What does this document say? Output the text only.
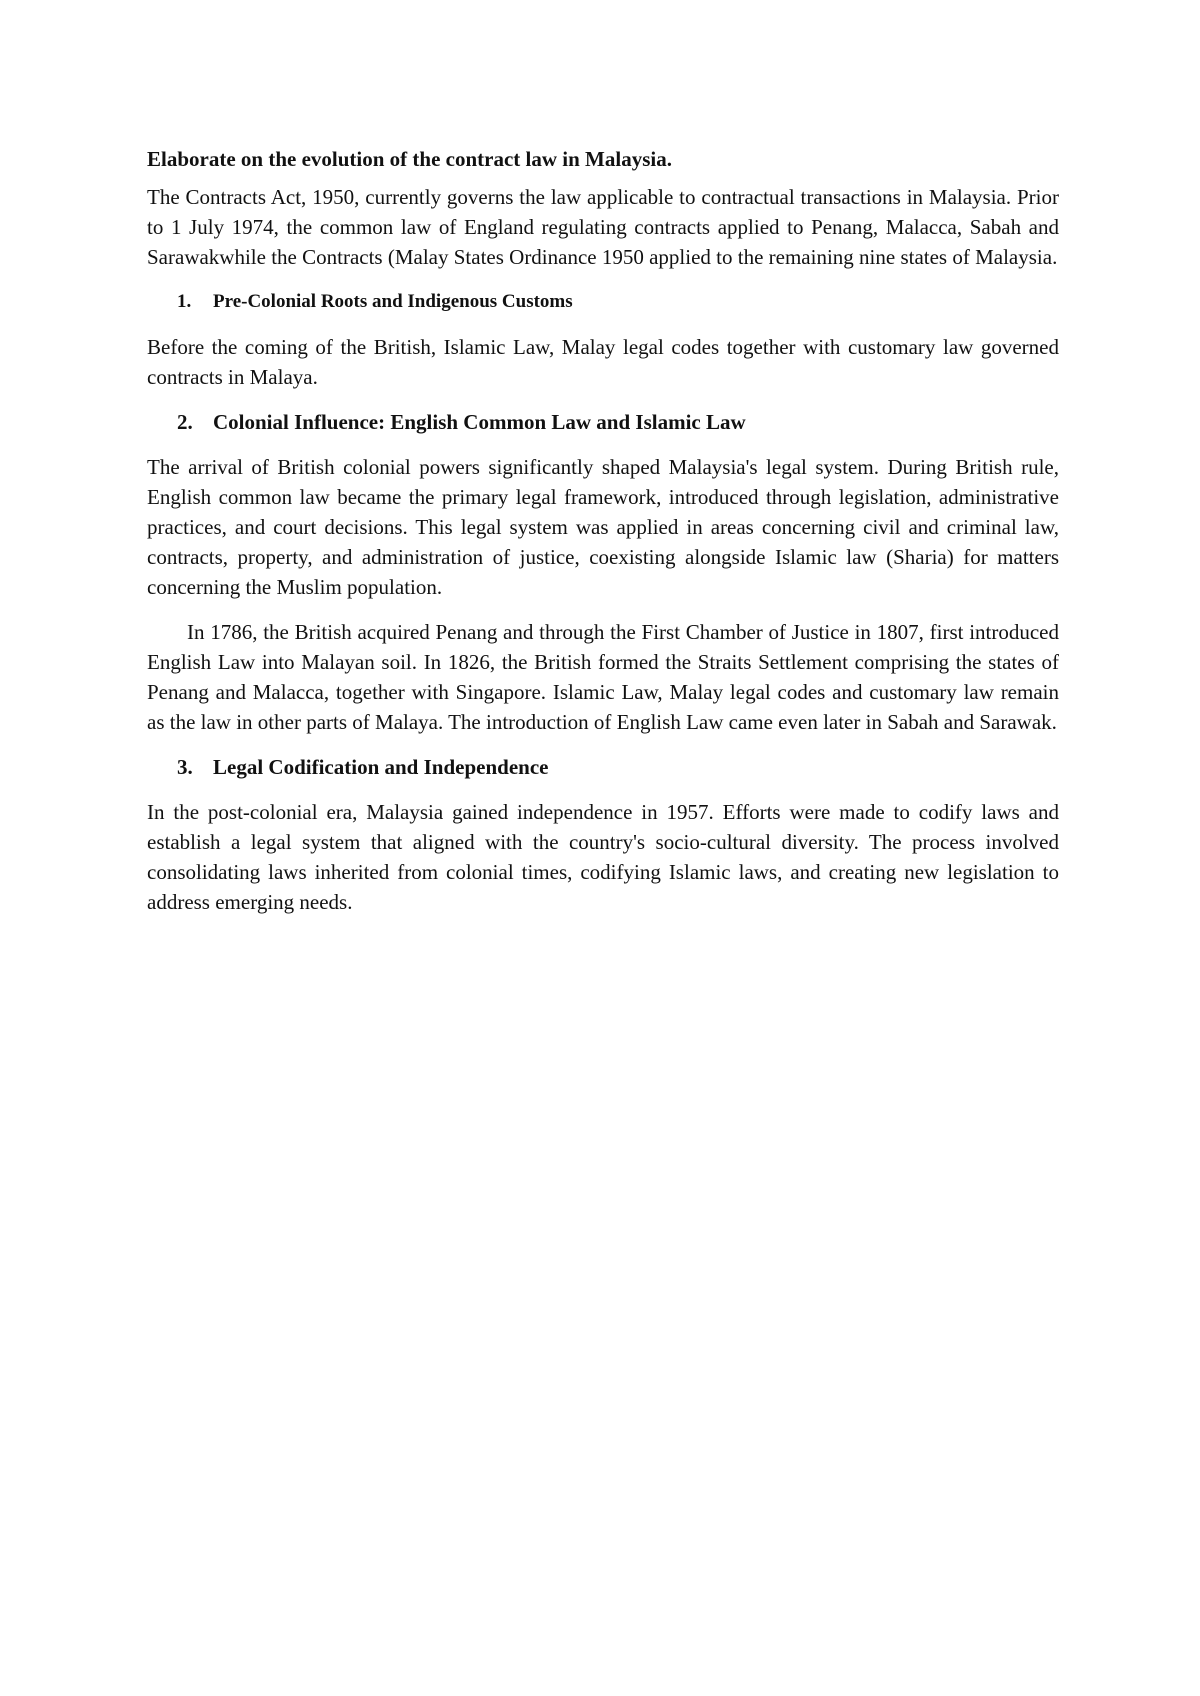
Elaborate on the evolution of the contract law in Malaysia.

The Contracts Act, 1950, currently governs the law applicable to contractual transactions in Malaysia. Prior to 1 July 1974, the common law of England regulating contracts applied to Penang, Malacca, Sabah and Sarawakwhile the Contracts (Malay States Ordinance 1950 applied to the remaining nine states of Malaysia.

1.	Pre-Colonial Roots and Indigenous Customs

Before the coming of the British, Islamic Law, Malay legal codes together with customary law governed contracts in Malaya.

2. Colonial Influence: English Common Law and Islamic Law

The arrival of British colonial powers significantly shaped Malaysia's legal system. During British rule, English common law became the primary legal framework, introduced through legislation, administrative practices, and court decisions. This legal system was applied in areas concerning civil and criminal law, contracts, property, and administration of justice, coexisting alongside Islamic law (Sharia) for matters concerning the Muslim population.

In 1786, the British acquired Penang and through the First Chamber of Justice in 1807, first introduced English Law into Malayan soil. In 1826, the British formed the Straits Settlement comprising the states of Penang and Malacca, together with Singapore. Islamic Law, Malay legal codes and customary law remain as the law in other parts of Malaya. The introduction of English Law came even later in Sabah and Sarawak.

3. Legal Codification and Independence

In the post-colonial era, Malaysia gained independence in 1957. Efforts were made to codify laws and establish a legal system that aligned with the country's socio-cultural diversity. The process involved consolidating laws inherited from colonial times, codifying Islamic laws, and creating new legislation to address emerging needs.
